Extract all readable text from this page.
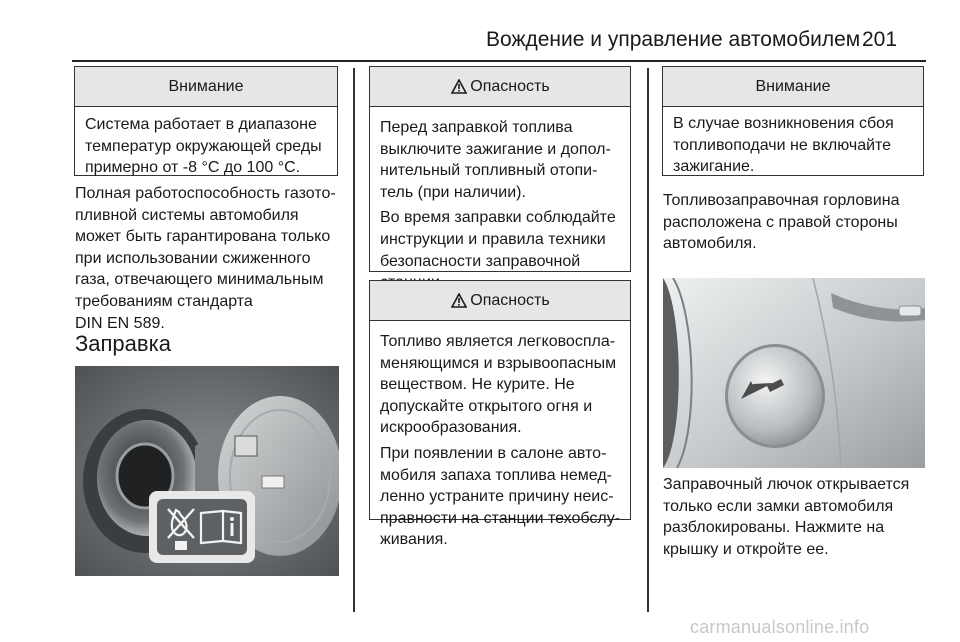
Вождение и управление автомобилем 201
Внимание

Система работает в диапазоне температур окружающей среды примерно от -8 °C до 100 °C.

Полная работоспособность газото‐
пливной системы автомобиля
может быть гарантирована только
при использовании сжиженного
газа, отвечающего минимальным
требованиям стандарта
DIN EN 589.
Заправка
Опасность

Перед заправкой топлива
выключите зажигание и допол‐
нительный топливный отопи‐
тель (при наличии).

Во время заправки соблюдайте
инструкции и правила техники
безопасности заправочной

Опасность

Топливо является легковоспла‐
меняющимся и взрывоопасным
веществом. Не курите. Не
допускайте открытого огня и
искрообразования.

При появлении в салоне авто‐
мобиля запаха топлива немед‐
ленно устраните причину неис‐
правности на станции техобслу‐
живания.

Внимание
В случае возникновения сбоя
топливоподачи не включайте
зажигание.
Топливозаправочная горловина
расположена с правой стороны
автомобиля.
Заправочный лючок открывается
только если замки автомобиля
разблокированы. Нажмите на
крышку и откройте ее.
carmanualsonline.info
